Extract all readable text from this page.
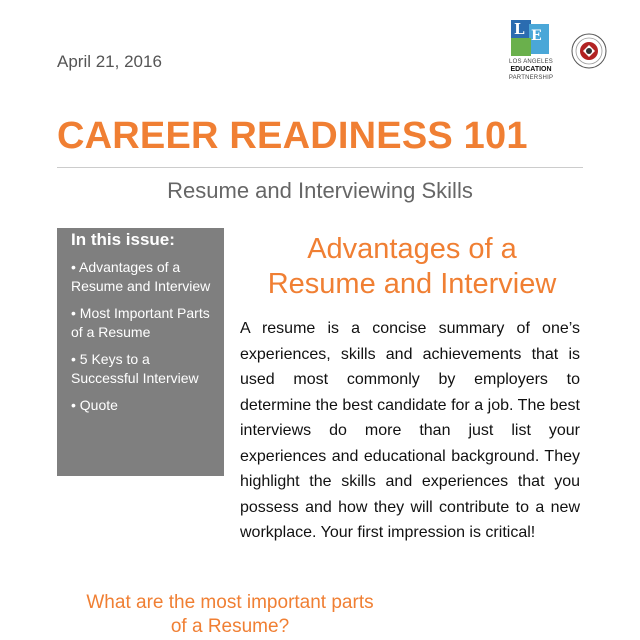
April 21, 2016
L E
LOS ANGELES
EDUCATION
PARTNERSHIP
CAREER READINESS 101
Resume and Interviewing Skills
In this issue:
• Advantages of a
Resume and Interview
• Most Important Parts
of a Resume
• 5 Keys to a
Successful Interview
• Quote
Advantages of a
Resume and Interview
A resume is a concise summary of one’s experiences, skills and achievements that is used most commonly by employers to determine the best candidate for a job. The best interviews do more than just list your experiences and educational background. They highlight the skills and experiences that you possess and how they will contribute to a new workplace. Your first impression is critical!
What are the most important parts
of a Resume?
